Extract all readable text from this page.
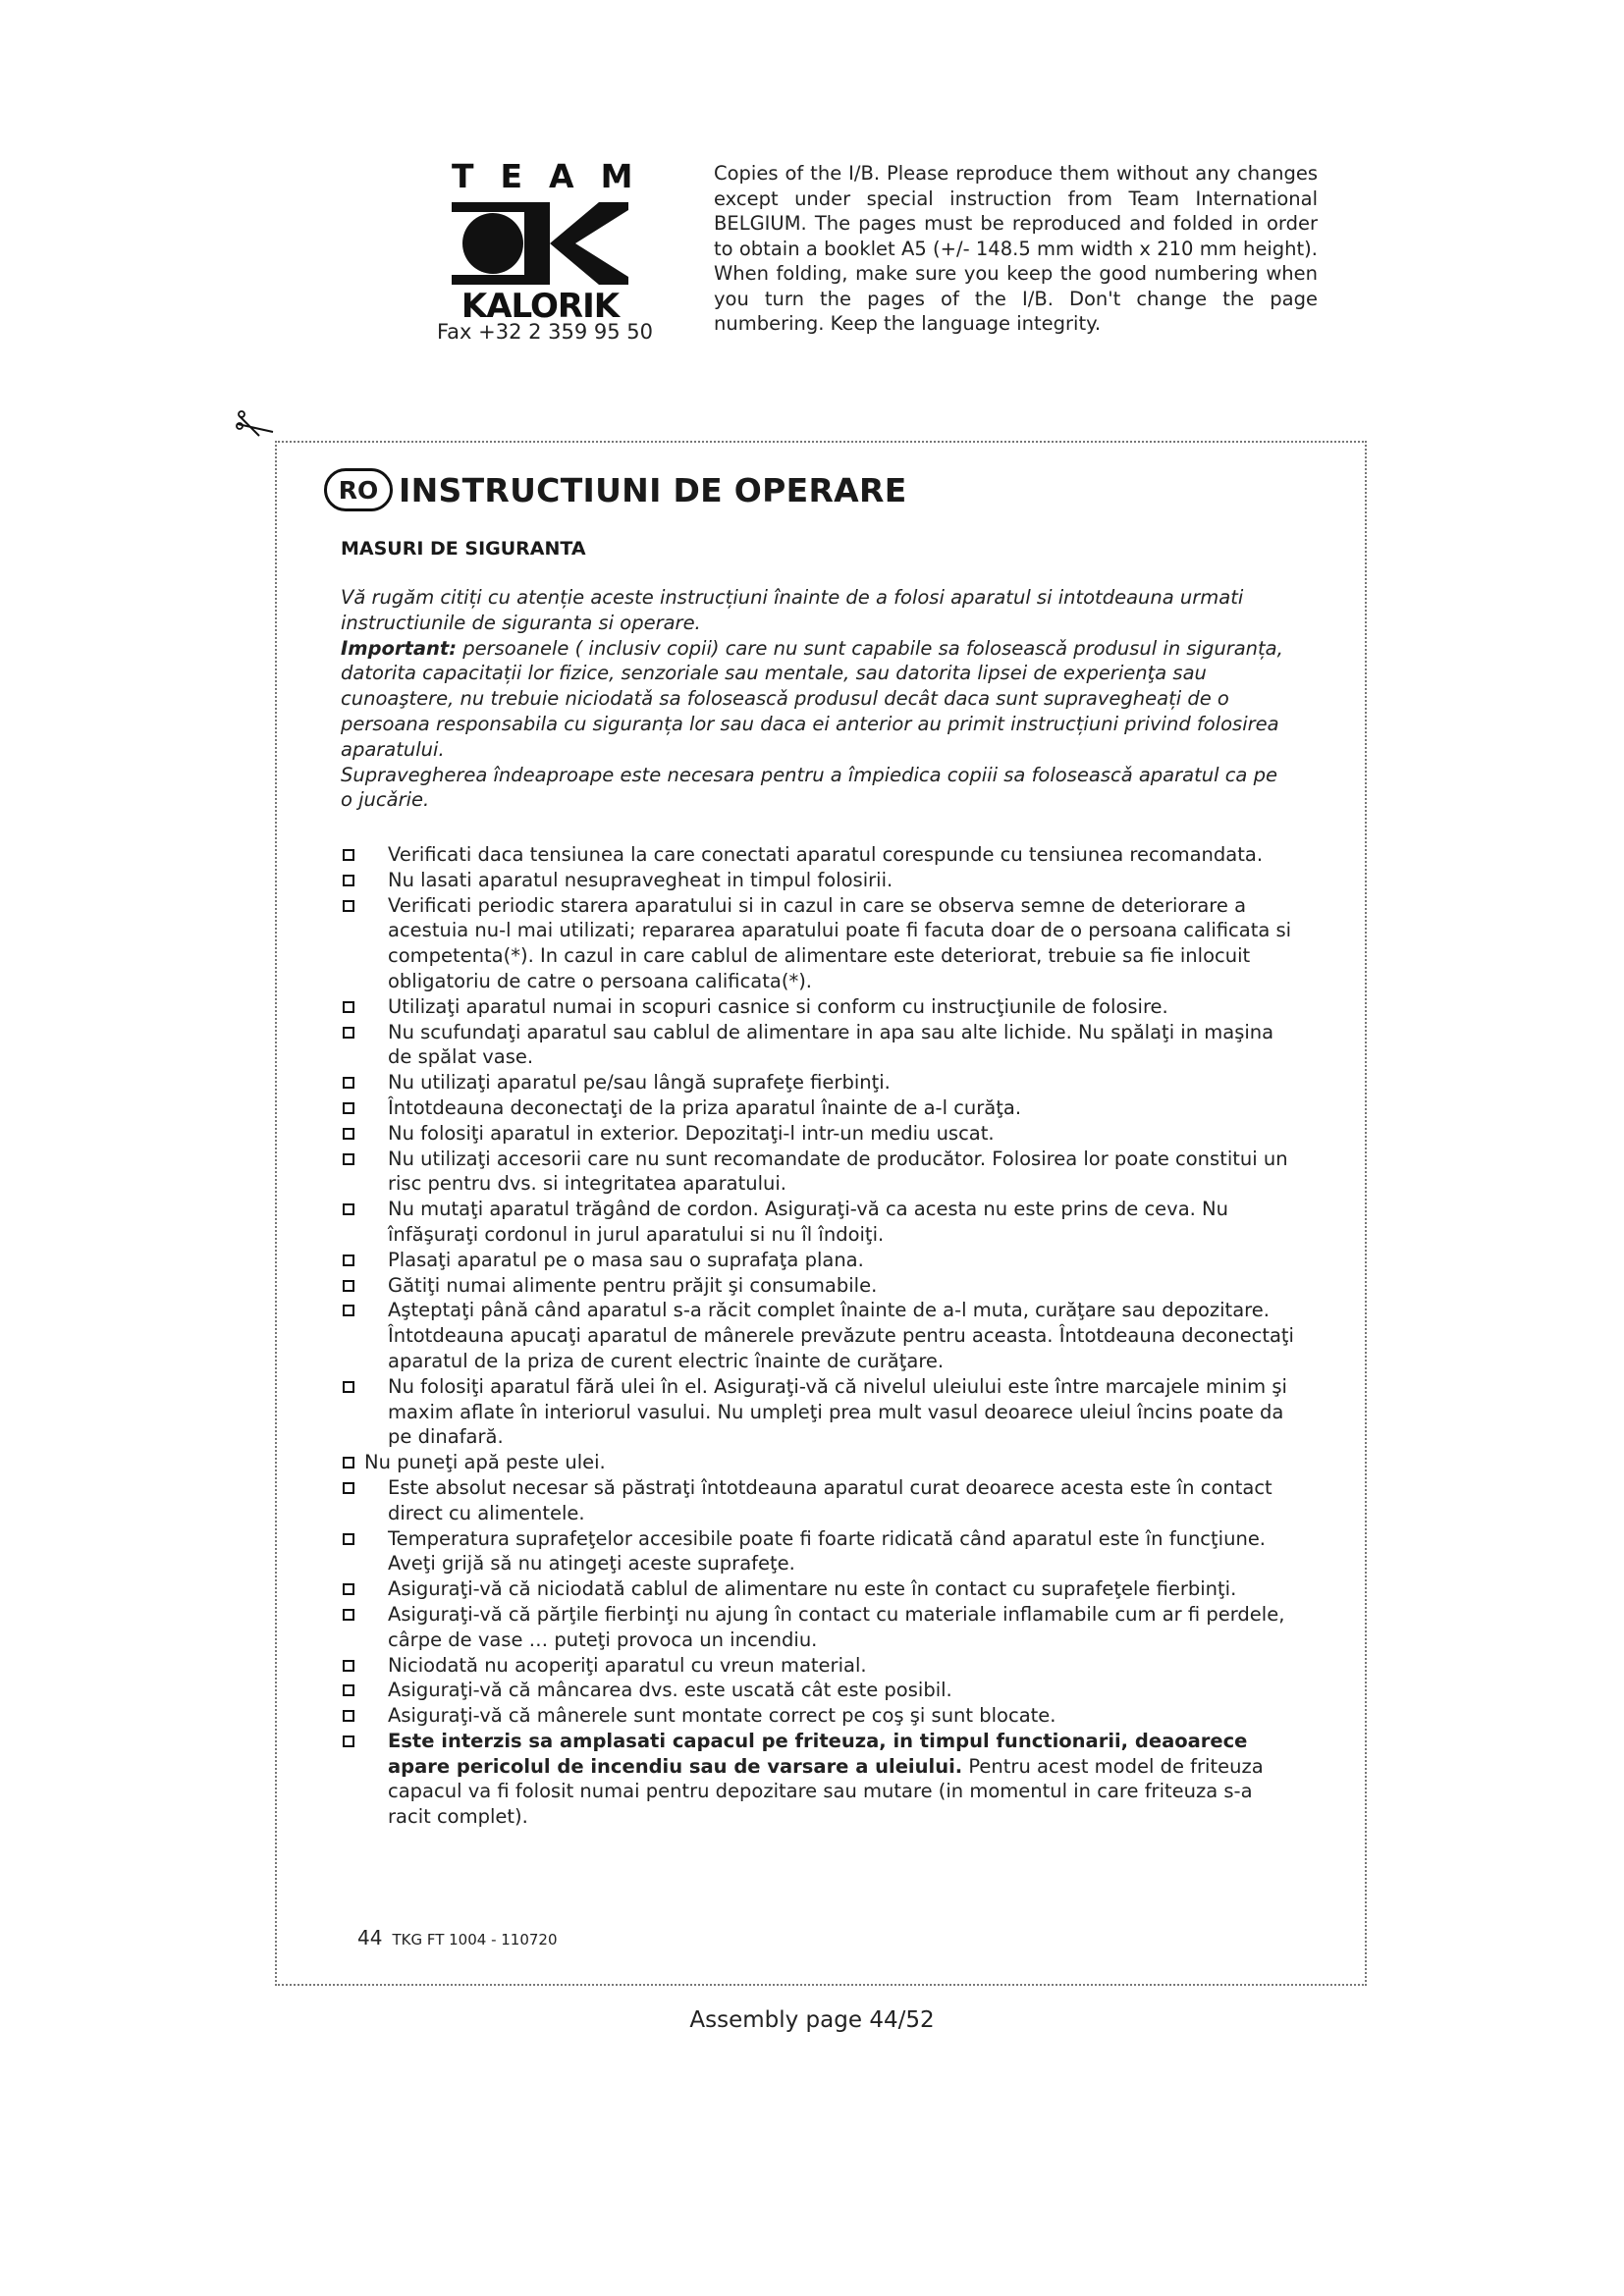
TEAM
KALORIK
Fax +32 2 359 95 50
Copies of the I/B. Please reproduce them without any changes except under special instruction from Team International BELGIUM. The pages must be reproduced and folded in order to obtain a booklet A5 (+/- 148.5 mm width x 210 mm height). When folding, make sure you keep the good numbering when you turn the pages of the I/B. Don't change the page numbering. Keep the language integrity.
RO INSTRUCTIUNI DE OPERARE
MASURI DE SIGURANTA

Vă rugăm citiți cu atenție aceste instrucțiuni înainte de a folosi aparatul si intotdeauna urmati instructiunile de siguranta si operare.

Important: persoanele ( inclusiv copii) care nu sunt capabile sa foloseascǎ produsul in siguranța, datorita capacitații lor fizice, senzoriale sau mentale, sau datorita lipsei de experienţa sau cunoaştere, nu trebuie niciodatǎ sa foloseascǎ produsul decât daca sunt supravegheați de o persoana responsabila cu siguranța lor sau daca ei anterior au primit instrucțiuni privind folosirea aparatului.

Supravegherea îndeaproape este necesara pentru a împiedica copiii sa foloseascǎ aparatul ca pe o jucǎrie.

Verificati daca tensiunea la care conectati aparatul corespunde cu tensiunea recomandata.
Nu lasati aparatul nesupravegheat in timpul folosirii.
Verificati periodic starera aparatului si in cazul in care se observa semne de deteriorare a acestuia nu-l mai utilizati; repararea aparatului poate fi facuta doar de o persoana calificata si competenta(*). In cazul in care cablul de alimentare este deteriorat, trebuie sa fie inlocuit obligatoriu de catre o persoana calificata(*).
Utilizaţi aparatul numai in scopuri casnice si conform cu instrucţiunile de folosire.
Nu scufundaţi aparatul sau cablul de alimentare in apa sau alte lichide. Nu spălaţi in maşina de spălat vase.
Nu utilizaţi aparatul pe/sau lângă suprafeţe fierbinţi.
Întotdeauna deconectaţi de la priza aparatul înainte de a-l curăţa.
Nu folosiţi aparatul in exterior. Depozitaţi-l intr-un mediu uscat.
Nu utilizaţi accesorii care nu sunt recomandate de producător. Folosirea lor poate constitui un risc pentru dvs. si integritatea aparatului.
Nu mutaţi aparatul trăgând de cordon. Asiguraţi-vă ca acesta nu este prins de ceva. Nu înfăşuraţi cordonul in jurul aparatului si nu îl îndoiţi.
Plasaţi aparatul pe o masa sau o suprafaţa plana.
Gătiţi numai alimente pentru prăjit şi consumabile.
Aşteptaţi până când aparatul s-a răcit complet înainte de a-l muta, curăţare sau depozitare. Întotdeauna apucaţi aparatul de mânerele prevăzute pentru aceasta. Întotdeauna deconectaţi aparatul de la priza de curent electric înainte de curăţare.
Nu folosiţi aparatul fără ulei în el. Asiguraţi-vă că nivelul uleiului este între marcajele minim şi maxim aflate în interiorul vasului. Nu umpleţi prea mult vasul deoarece uleiul încins poate da pe dinafară.
Nu puneţi apă peste ulei.
Este absolut necesar să păstraţi întotdeauna aparatul curat deoarece acesta este în contact direct cu alimentele.
Temperatura suprafeţelor accesibile poate fi foarte ridicată când aparatul este în funcţiune. Aveţi grijă să nu atingeţi aceste suprafeţe.
Asiguraţi-vă că niciodată cablul de alimentare nu este în contact cu suprafeţele fierbinţi.
Asiguraţi-vă că părţile fierbinţi nu ajung în contact cu materiale inflamabile cum ar fi perdele, cârpe de vase … puteţi provoca un incendiu.
Niciodată nu acoperiţi aparatul cu vreun material.
Asiguraţi-vă că mâncarea dvs. este uscată cât este posibil.
Asiguraţi-vă că mânerele sunt montate correct pe coş şi sunt blocate.
Este interzis sa amplasati capacul pe friteuza, in timpul functionarii, deaoarece apare pericolul de incendiu sau de varsare a uleiului. Pentru acest model de friteuza capacul va fi folosit numai pentru depozitare sau mutare (in momentul in care friteuza s-a racit complet).
44 TKG FT 1004 - 110720
Assembly page 44/52
